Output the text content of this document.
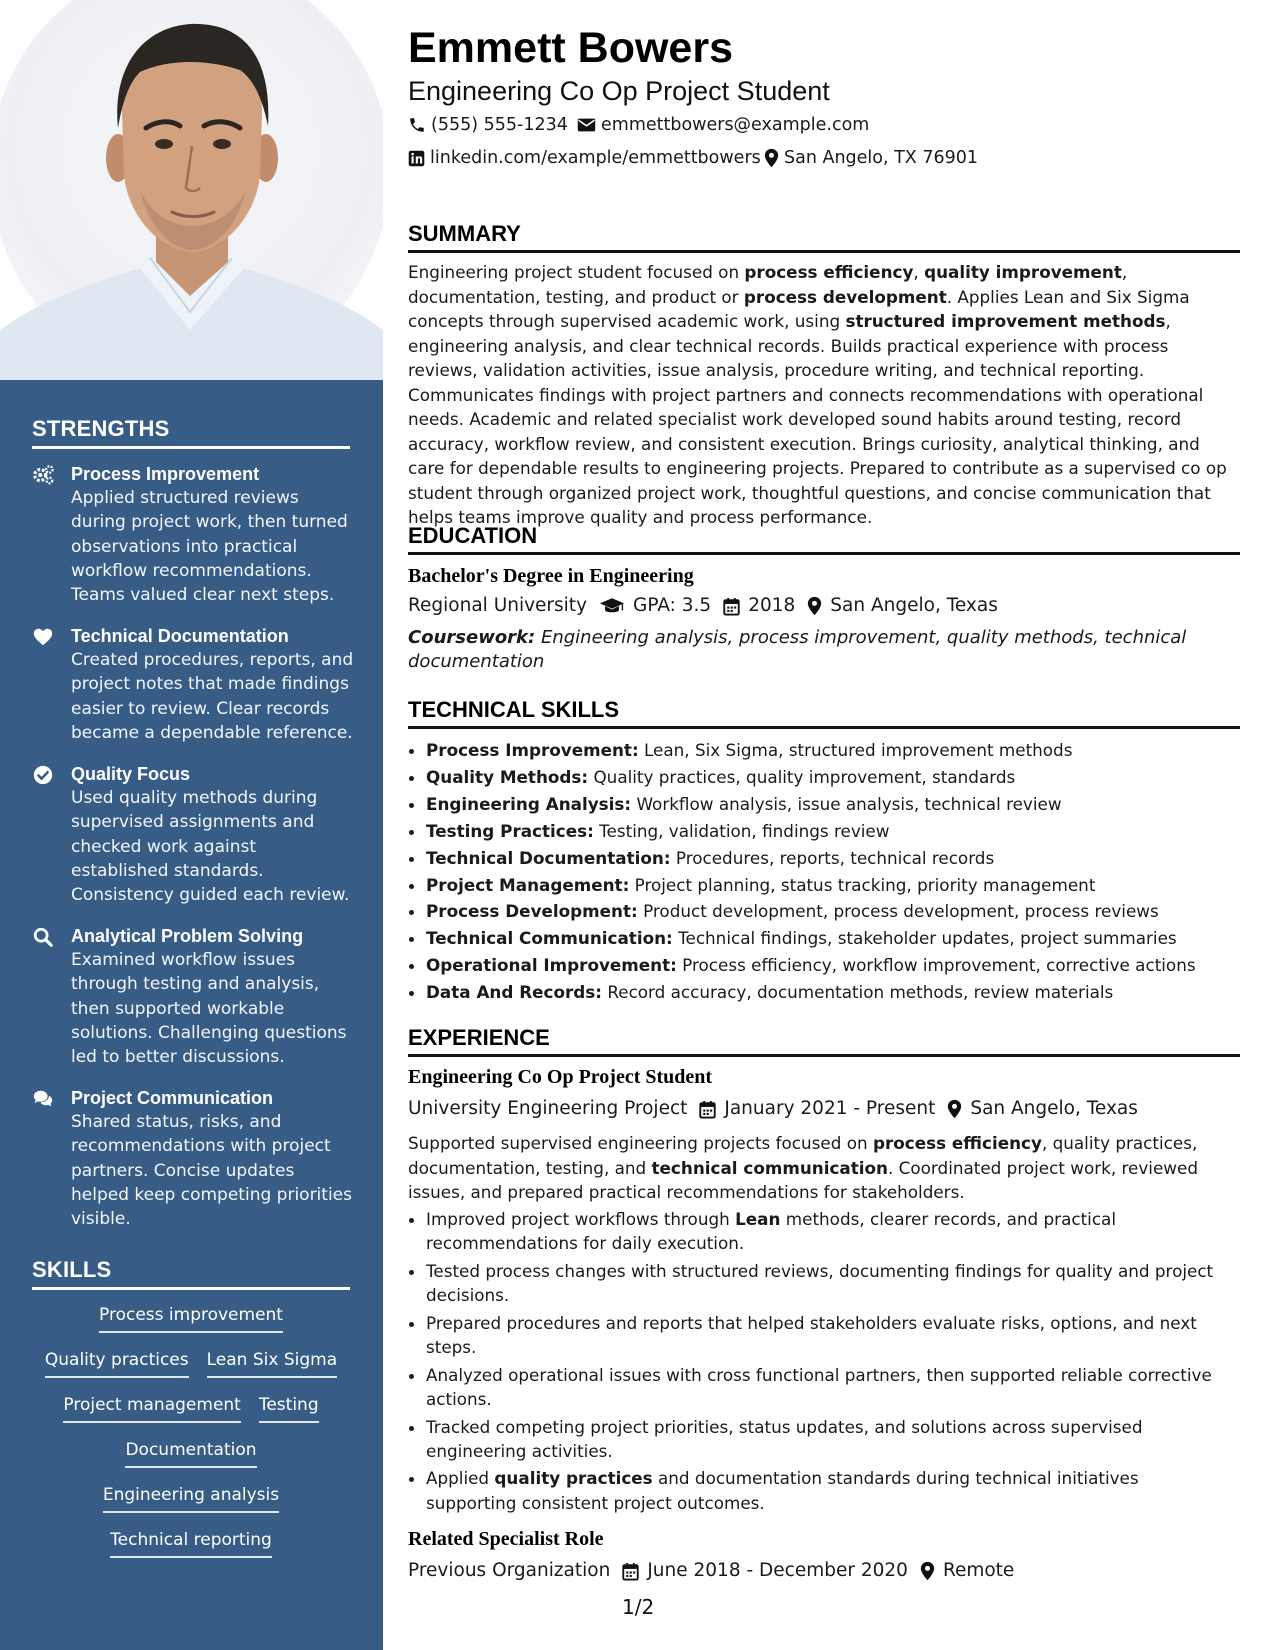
STRENGTHS
Process Improvement
Applied structured reviews during project work, then turned observations into practical workflow recommendations. Teams valued clear next steps.
Technical Documentation
Created procedures, reports, and project notes that made findings easier to review. Clear records became a dependable reference.
Quality Focus
Used quality methods during supervised assignments and checked work against established standards. Consistency guided each review.
Analytical Problem Solving
Examined workflow issues through testing and analysis, then supported workable solutions. Challenging questions led to better discussions.
Project Communication
Shared status, risks, and recommendations with project partners. Concise updates helped keep competing priorities visible.
SKILLS
Process improvement
Quality practices Lean Six Sigma
Project management Testing
Documentation
Engineering analysis
Technical reporting
Emmett Bowers
Engineering Co Op Project Student
(555) 555-1234 emmettbowers@example.com
linkedin.com/example/emmettbowers San Angelo, TX 76901
SUMMARY

Engineering project student focused on process efficiency, quality improvement, documentation, testing, and product or process development. Applies Lean and Six Sigma concepts through supervised academic work, using structured improvement methods, engineering analysis, and clear technical records. Builds practical experience with process reviews, validation activities, issue analysis, procedure writing, and technical reporting. Communicates findings with project partners and connects recommendations with operational needs. Academic and related specialist work developed sound habits around testing, record accuracy, workflow review, and consistent execution. Brings curiosity, analytical thinking, and care for dependable results to engineering projects. Prepared to contribute as a supervised co op student through organized project work, thoughtful questions, and concise communication that helps teams improve quality and process performance.

EDUCATION
Bachelor's Degree in Engineering
Regional University GPA: 3.5 2018 San Angelo, Texas
Coursework: Engineering analysis, process improvement, quality methods, technical documentation
TECHNICAL SKILLS
• Process Improvement: Lean, Six Sigma, structured improvement methods
• Quality Methods: Quality practices, quality improvement, standards
• Engineering Analysis: Workflow analysis, issue analysis, technical review
• Testing Practices: Testing, validation, findings review
• Technical Documentation: Procedures, reports, technical records
• Project Management: Project planning, status tracking, priority management
• Process Development: Product development, process development, process reviews
• Technical Communication: Technical findings, stakeholder updates, project summaries
• Operational Improvement: Process efficiency, workflow improvement, corrective actions
• Data And Records: Record accuracy, documentation methods, review materials
EXPERIENCE
Engineering Co Op Project Student
University Engineering Project January 2021 - Present San Angelo, Texas

Supported supervised engineering projects focused on process efficiency, quality practices, documentation, testing, and technical communication. Coordinated project work, reviewed issues, and prepared practical recommendations for stakeholders.

• Improved project workflows through Lean methods, clearer records, and practical recommendations for daily execution.
• Tested process changes with structured reviews, documenting findings for quality and project decisions.
• Prepared procedures and reports that helped stakeholders evaluate risks, options, and next steps.
• Analyzed operational issues with cross functional partners, then supported reliable corrective actions.
• Tracked competing project priorities, status updates, and solutions across supervised engineering activities.
• Applied quality practices and documentation standards during technical initiatives supporting consistent project outcomes.
Related Specialist Role
Previous Organization June 2018 - December 2020 Remote
1/2
